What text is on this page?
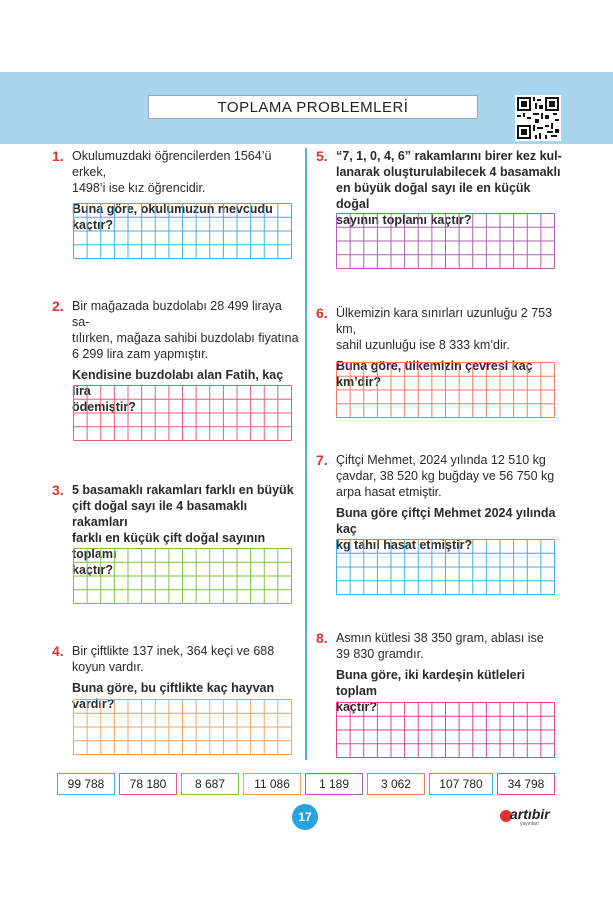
TOPLAMA PROBLEMLERİ
1. Okulumuzdaki öğrencilerden 1564’ü erkek,
1498’i ise kız öğrencidir.
Buna göre, okulumuzun mevcudu kaçtır?
2. Bir mağazada buzdolabı 28 499 liraya sa-
tılırken, mağaza sahibi buzdolabı fiyatına
6 299 lira zam yapmıştır.
Kendisine buzdolabı alan Fatih, kaç lira
ödemiştir?
3. 5 basamaklı rakamları farklı en büyük
çift doğal sayı ile 4 basamaklı rakamları
farklı en küçük çift doğal sayının toplamı
kaçtır?
4. Bir çiftlikte 137 inek, 364 keçi ve 688
koyun vardır.
Buna göre, bu çiftlikte kaç hayvan vardır?
5. “7, 1, 0, 4, 6” rakamlarını birer kez kul-
lanarak oluşturulabilecek 4 basamaklı
en büyük doğal sayı ile en küçük doğal
sayının toplamı kaçtır?
6. Ülkemizin kara sınırları uzunluğu 2 753 km,
sahil uzunluğu ise 8 333 km’dir.
Buna göre, ülkemizin çevresi kaç km’dir?
7. Çiftçi Mehmet, 2024 yılında 12 510 kg
çavdar, 38 520 kg buğday ve 56 750 kg
arpa hasat etmiştir.
Buna göre çiftçi Mehmet 2024 yılında kaç
kg tahıl hasat etmiştir?
8. Asmın kütlesi 38 350 gram, ablası ise
39 830 gramdır.
Buna göre, iki kardeşin kütleleri toplam
kaçtır?
99 788	78 180	8 687	11 086	1 189	3 062	107 780	34 798
17	artıbir
yayınları
